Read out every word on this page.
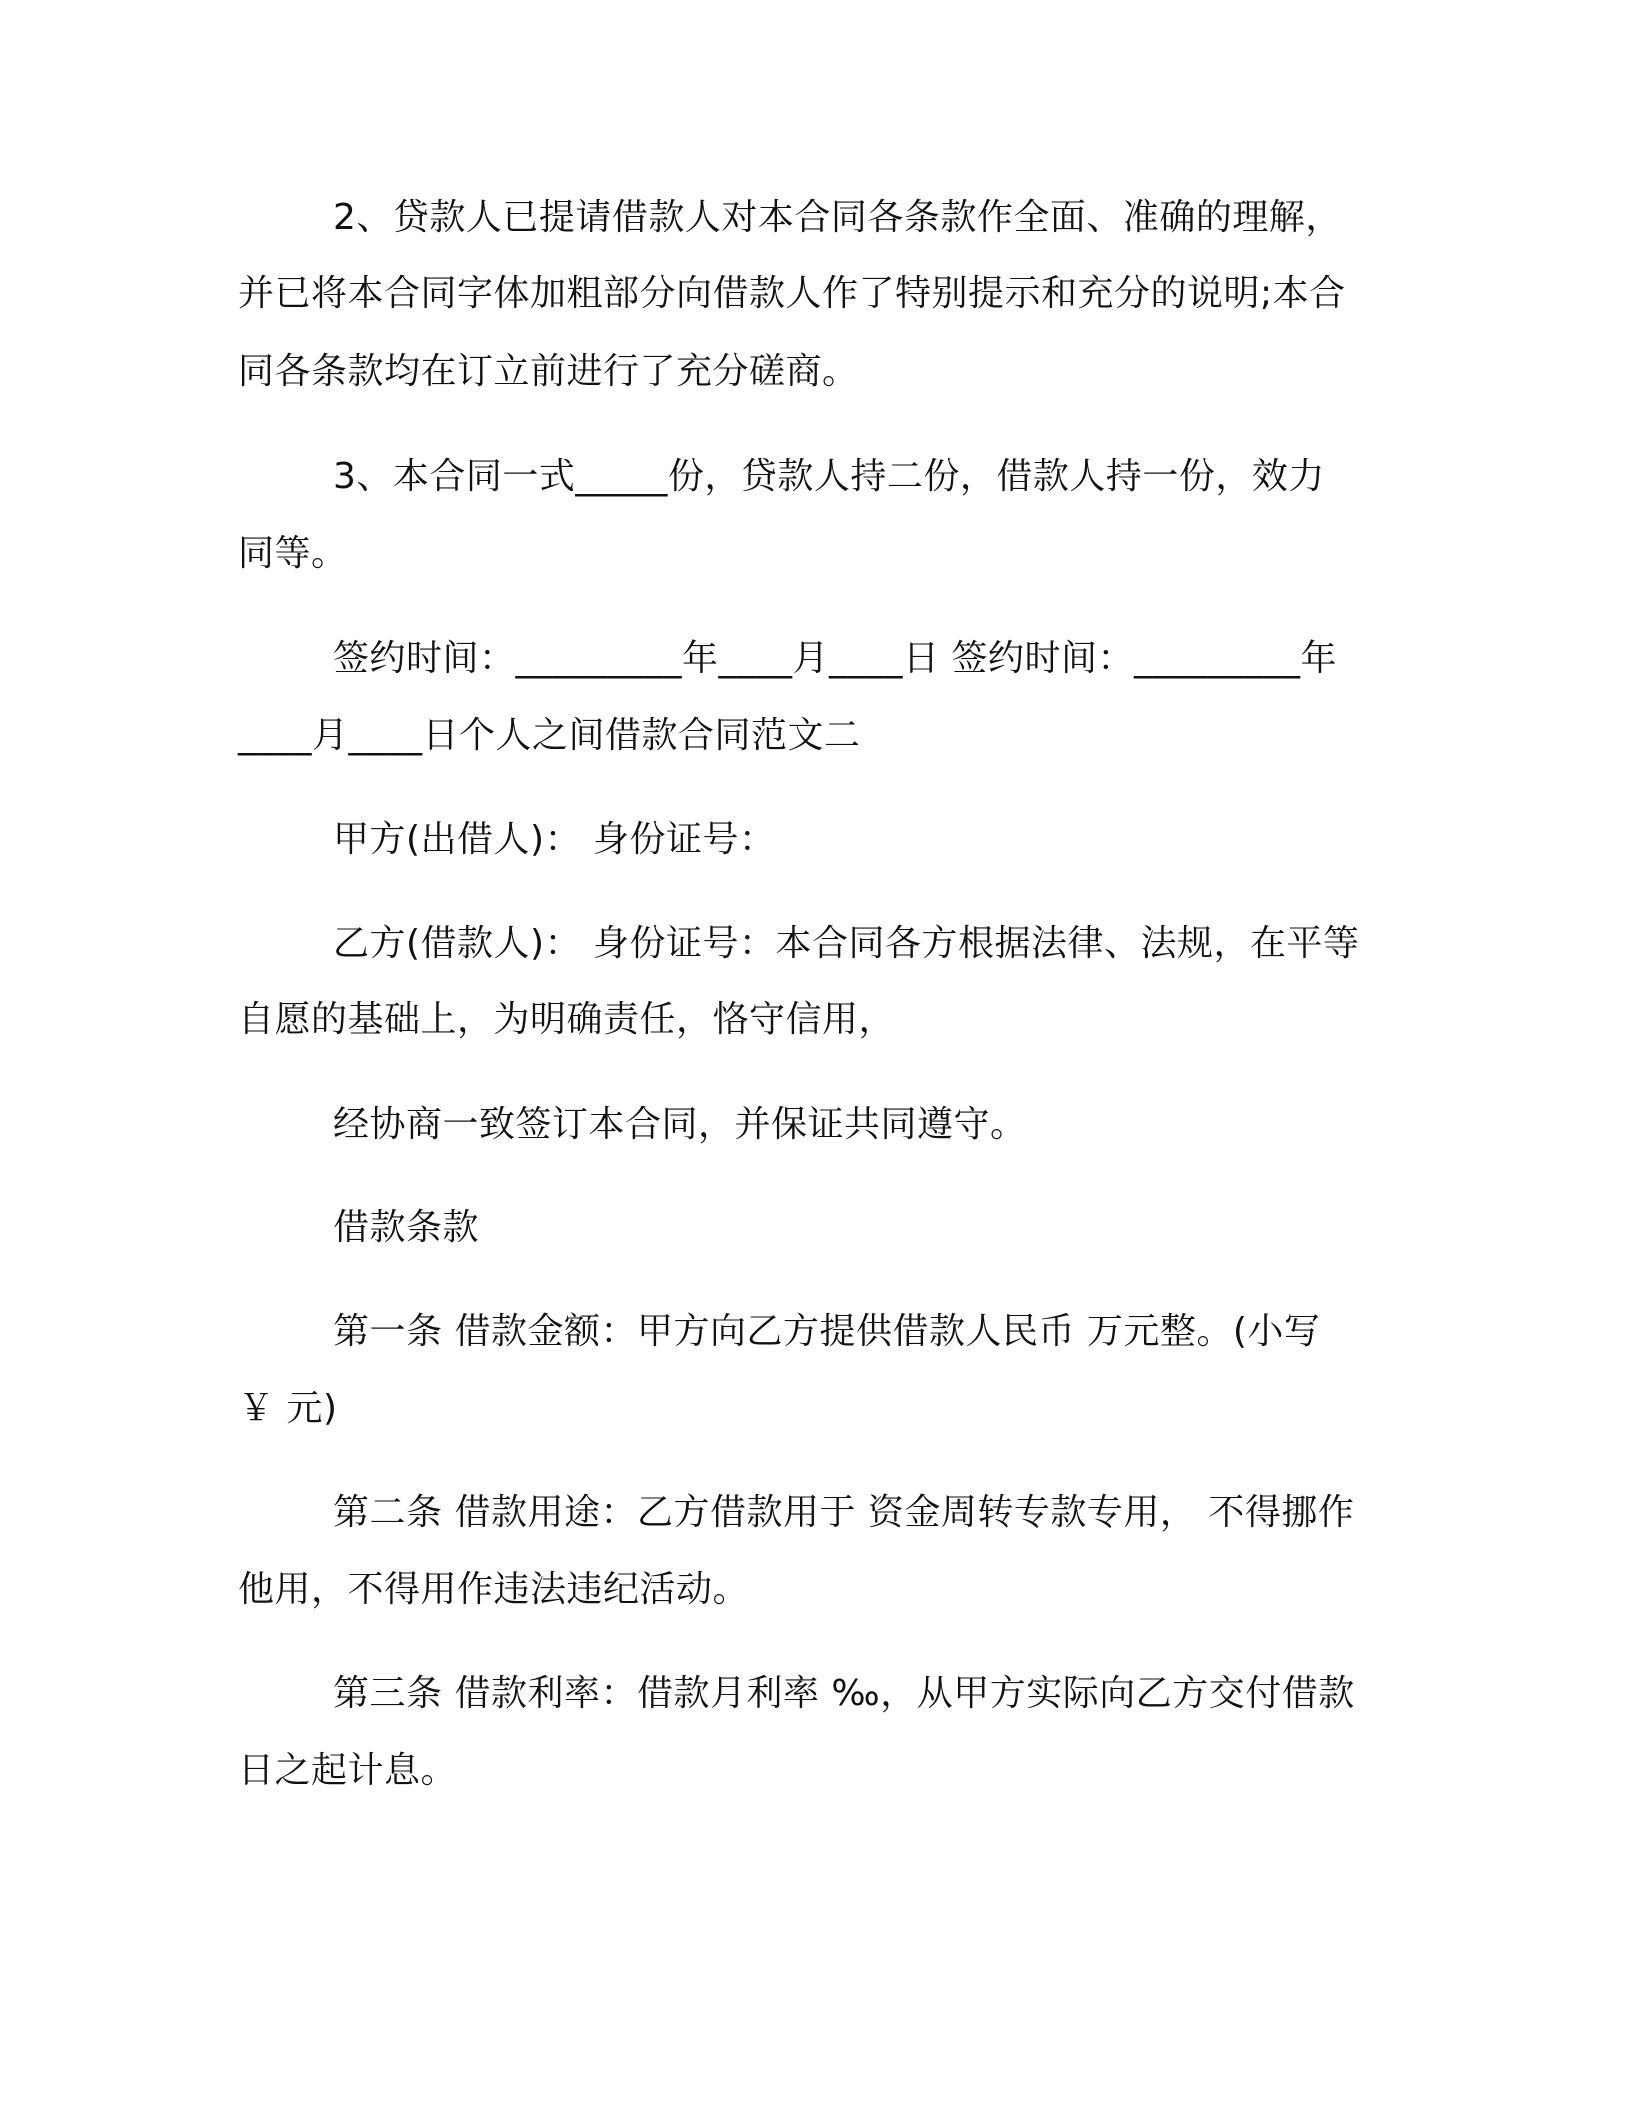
2、贷款人已提请借款人对本合同各条款作全面、准确的理解，
并已将本合同字体加粗部分向借款人作了特别提示和充分的说明;本合
同各条款均在订立前进行了充分磋商。
3、本合同一式_____份，贷款人持二份，借款人持一份，效力
同等。
签约时间：_________年____月____日 签约时间：_________年
____月____日个人之间借款合同范文二
甲方(出借人)： 身份证号：
乙方(借款人)： 身份证号：本合同各方根据法律、法规，在平等
自愿的基础上，为明确责任，恪守信用，
经协商一致签订本合同，并保证共同遵守。
借款条款
第一条 借款金额：甲方向乙方提供借款人民币 万元整。(小写
￥ 元)
第二条 借款用途：乙方借款用于 资金周转专款专用， 不得挪作
他用，不得用作违法违纪活动。
第三条 借款利率：借款月利率 ‰，从甲方实际向乙方交付借款
日之起计息。
